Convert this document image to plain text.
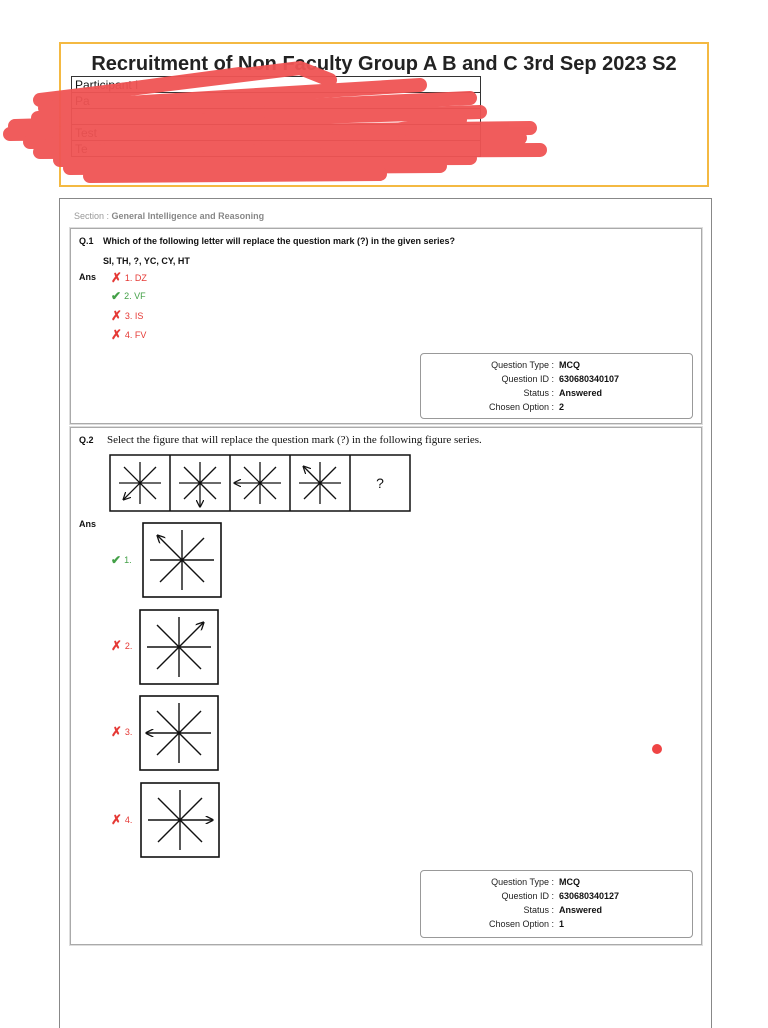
Recruitment of Non Faculty Group A B and C 3rd Sep 2023 S2
Participant I
Pa

Test
Te
Section : General Intelligence and Reasoning
Q.1 Which of the following letter will replace the question mark (?) in the given series?
SI, TH, ?, YC, CY, HT
Ans ✗ 1. DZ
✔ 2. VF
✗ 3. IS
✗ 4. FV
Question Type : MCQ
Question ID : 630680340107
Status : Answered
Chosen Option : 2
Q.2 Select the figure that will replace the question mark (?) in the following figure series.
Ans
✔ 1.
✗ 2.
✗ 3.
✗ 4.
Question Type : MCQ
Question ID : 630680340127
Status : Answered
Chosen Option : 1
?
